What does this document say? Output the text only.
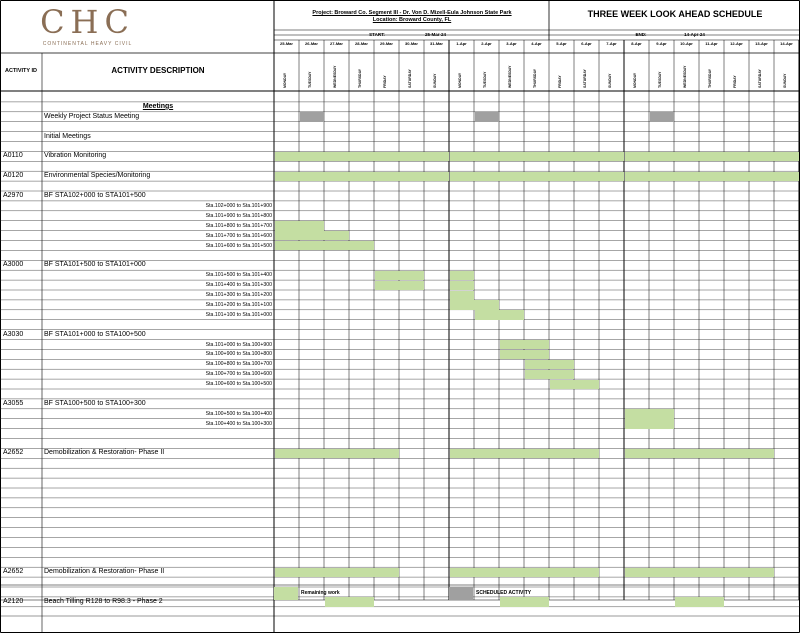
CHC
CONTINENTAL HEAVY CIVIL
Project: Broward Co. Segment III - Dr. Von D. Mizell-Eula Johnson State Park
Location: Broward County, FL
THREE WEEK LOOK AHEAD SCHEDULE
START:	25-Mar-24	END:	14-Apr-24
ACTIVITY ID	ACTIVITY DESCRIPTION
25-Mar	26-Mar	27-Mar	28-Mar	29-Mar	30-Mar	31-Mar	1-Apr	2-Apr	3-Apr	4-Apr	5-Apr	6-Apr	7-Apr	8-Apr	9-Apr	10-Apr	11-Apr	12-Apr	13-Apr	14-Apr
MONDAY	TUESDAY	WEDNESDAY	THURSDAY	FRIDAY	SATURDAY	SUNDAY	MONDAY	TUESDAY	WEDNESDAY	THURSDAY	FRIDAY	SATURDAY	SUNDAY	MONDAY	TUESDAY	WEDNESDAY	THURSDAY	FRIDAY	SATURDAY	SUNDAY
Meetings
Weekly Project Status Meeting
Initial Meetings
A0110	Vibration Monitoring
A0120	Environmental Species/Monitoring
A2970	BF STA102+000 to STA101+500
Sta.102+000 to Sta.101+900
Sta.101+900 to Sta.101+800
Sta.101+800 to Sta.101+700
Sta.101+700 to Sta.101+600
Sta.101+600 to Sta.101+500
A3000	BF STA101+500 to STA101+000
Sta.101+500 to Sta.101+400
Sta.101+400 to Sta.101+300
Sta.101+300 to Sta.101+200
Sta.101+200 to Sta.101+100
Sta.101+100 to Sta.101+000
A3030	BF STA101+000 to STA100+500
Sta.101+000 to Sta.100+900
Sta.100+900 to Sta.100+800
Sta.100+800 to Sta.100+700
Sta.100+700 to Sta.100+600
Sta.100+600 to Sta.100+500
A3055	BF STA100+500 to STA100+300
Sta.100+500 to Sta.100+400
Sta.100+400 to Sta.100+300
A2652	Demobilization & Restoration- Phase II
A2652	Demobilization & Restoration- Phase II
A2120	Beach Tilling R128 to R98.3 - Phase 2
Remaining work	SCHEDULED ACTIVITY
